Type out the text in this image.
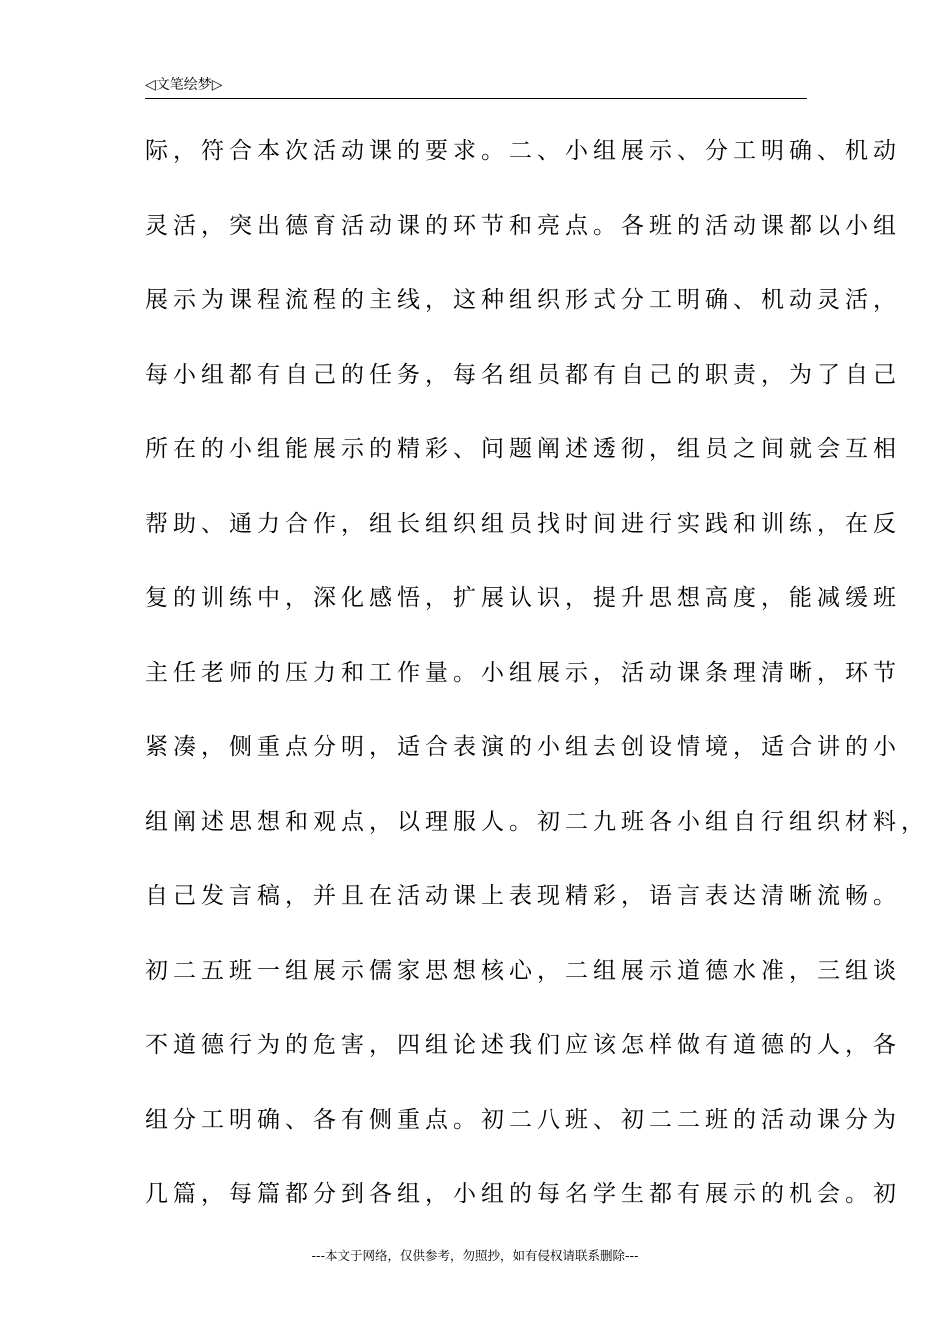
◁文笔绘梦▷
际，符合本次活动课的要求。二、小组展示、分工明确、机动
灵活，突出德育活动课的环节和亮点。各班的活动课都以小组
展示为课程流程的主线，这种组织形式分工明确、机动灵活，
每小组都有自己的任务，每名组员都有自己的职责，为了自己
所在的小组能展示的精彩、问题阐述透彻，组员之间就会互相
帮助、通力合作，组长组织组员找时间进行实践和训练，在反
复的训练中，深化感悟，扩展认识，提升思想高度，能减缓班
主任老师的压力和工作量。小组展示，活动课条理清晰，环节
紧凑，侧重点分明，适合表演的小组去创设情境，适合讲的小
组阐述思想和观点，以理服人。初二九班各小组自行组织材料，
自己发言稿，并且在活动课上表现精彩，语言表达清晰流畅。
初二五班一组展示儒家思想核心，二组展示道德水准，三组谈
不道德行为的危害，四组论述我们应该怎样做有道德的人，各
组分工明确、各有侧重点。初二八班、初二二班的活动课分为
几篇，每篇都分到各组，小组的每名学生都有展示的机会。初
---本文于网络，仅供参考，勿照抄，如有侵权请联系删除---
